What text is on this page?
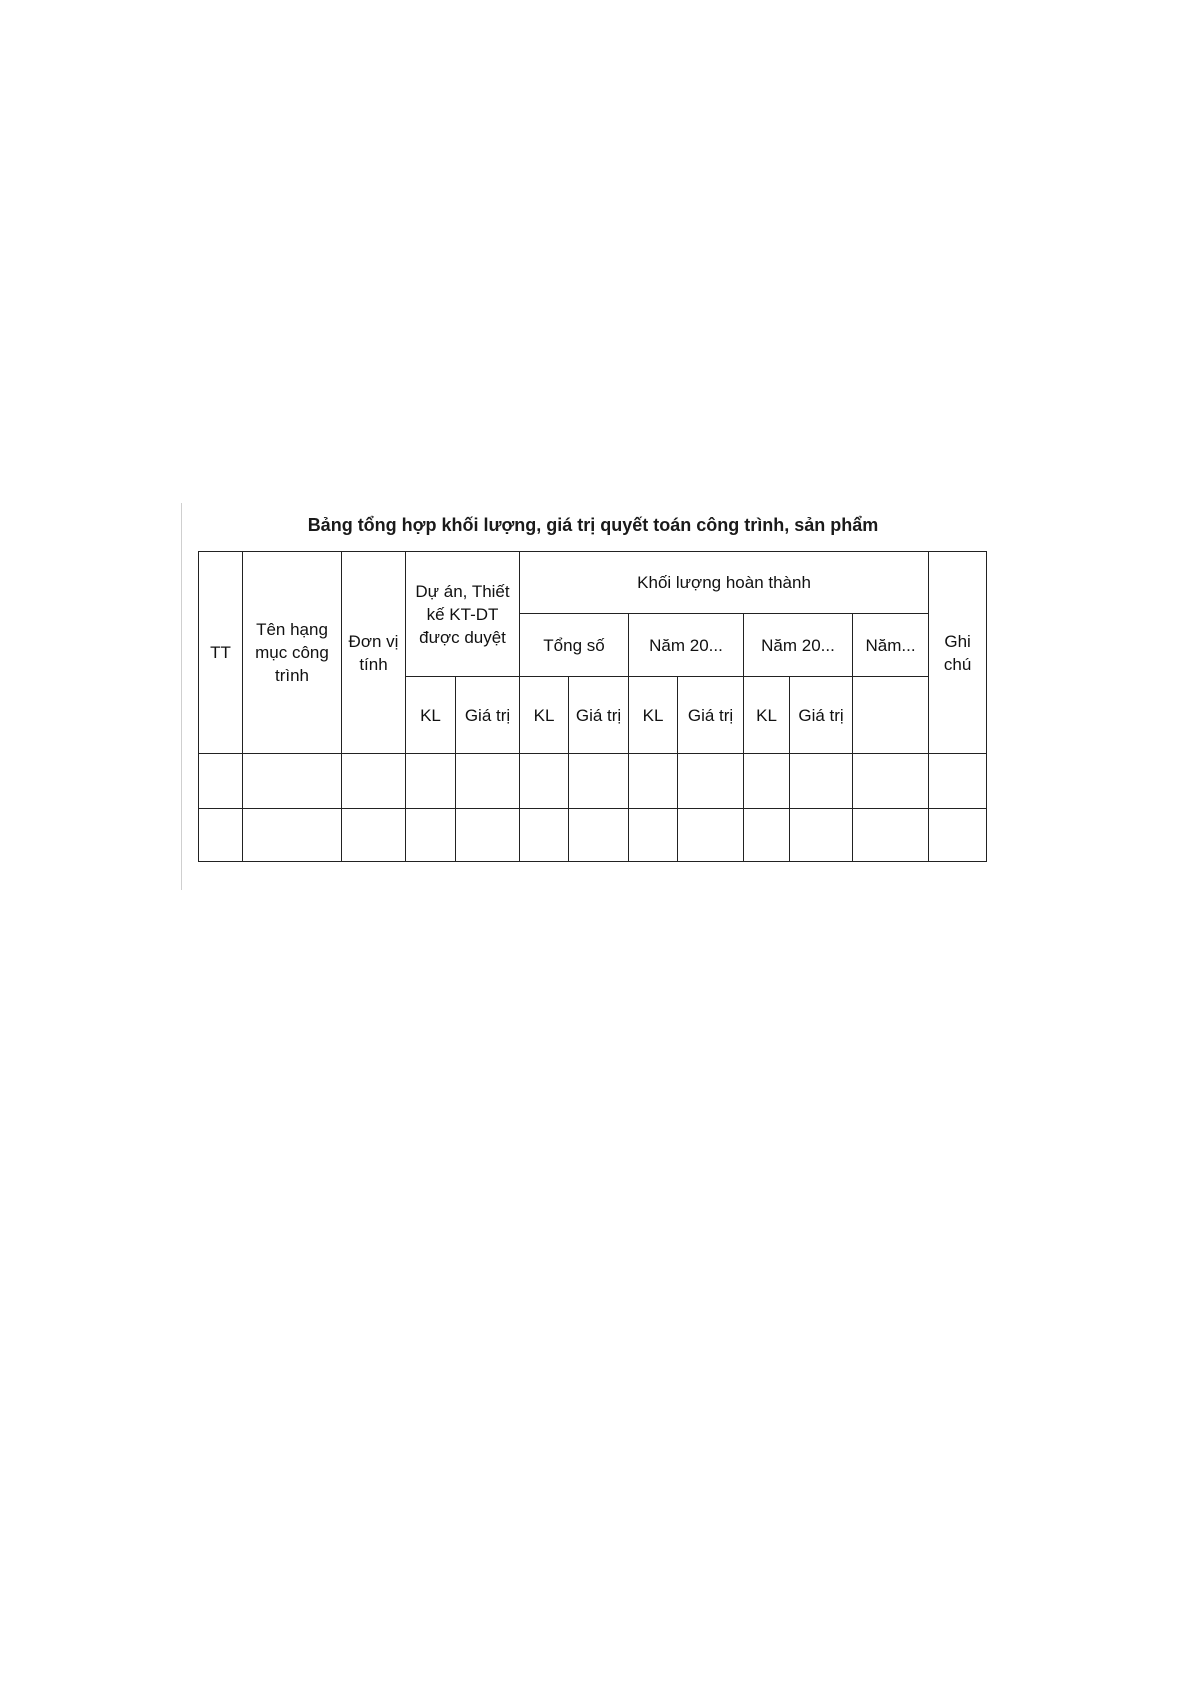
Bảng tổng hợp khối lượng, giá trị quyết toán công trình, sản phẩm
TT	Tên hạng mục công trình	Đơn vị tính	Dự án, Thiết kế KT-DT được duyệt		Khối lượng hoàn thành							Ghi chú
					Tổng số		Năm 20...		Năm 20...		Năm...	
			KL	Giá trị	KL	Giá trị	KL	Giá trị	KL	Giá trị		
